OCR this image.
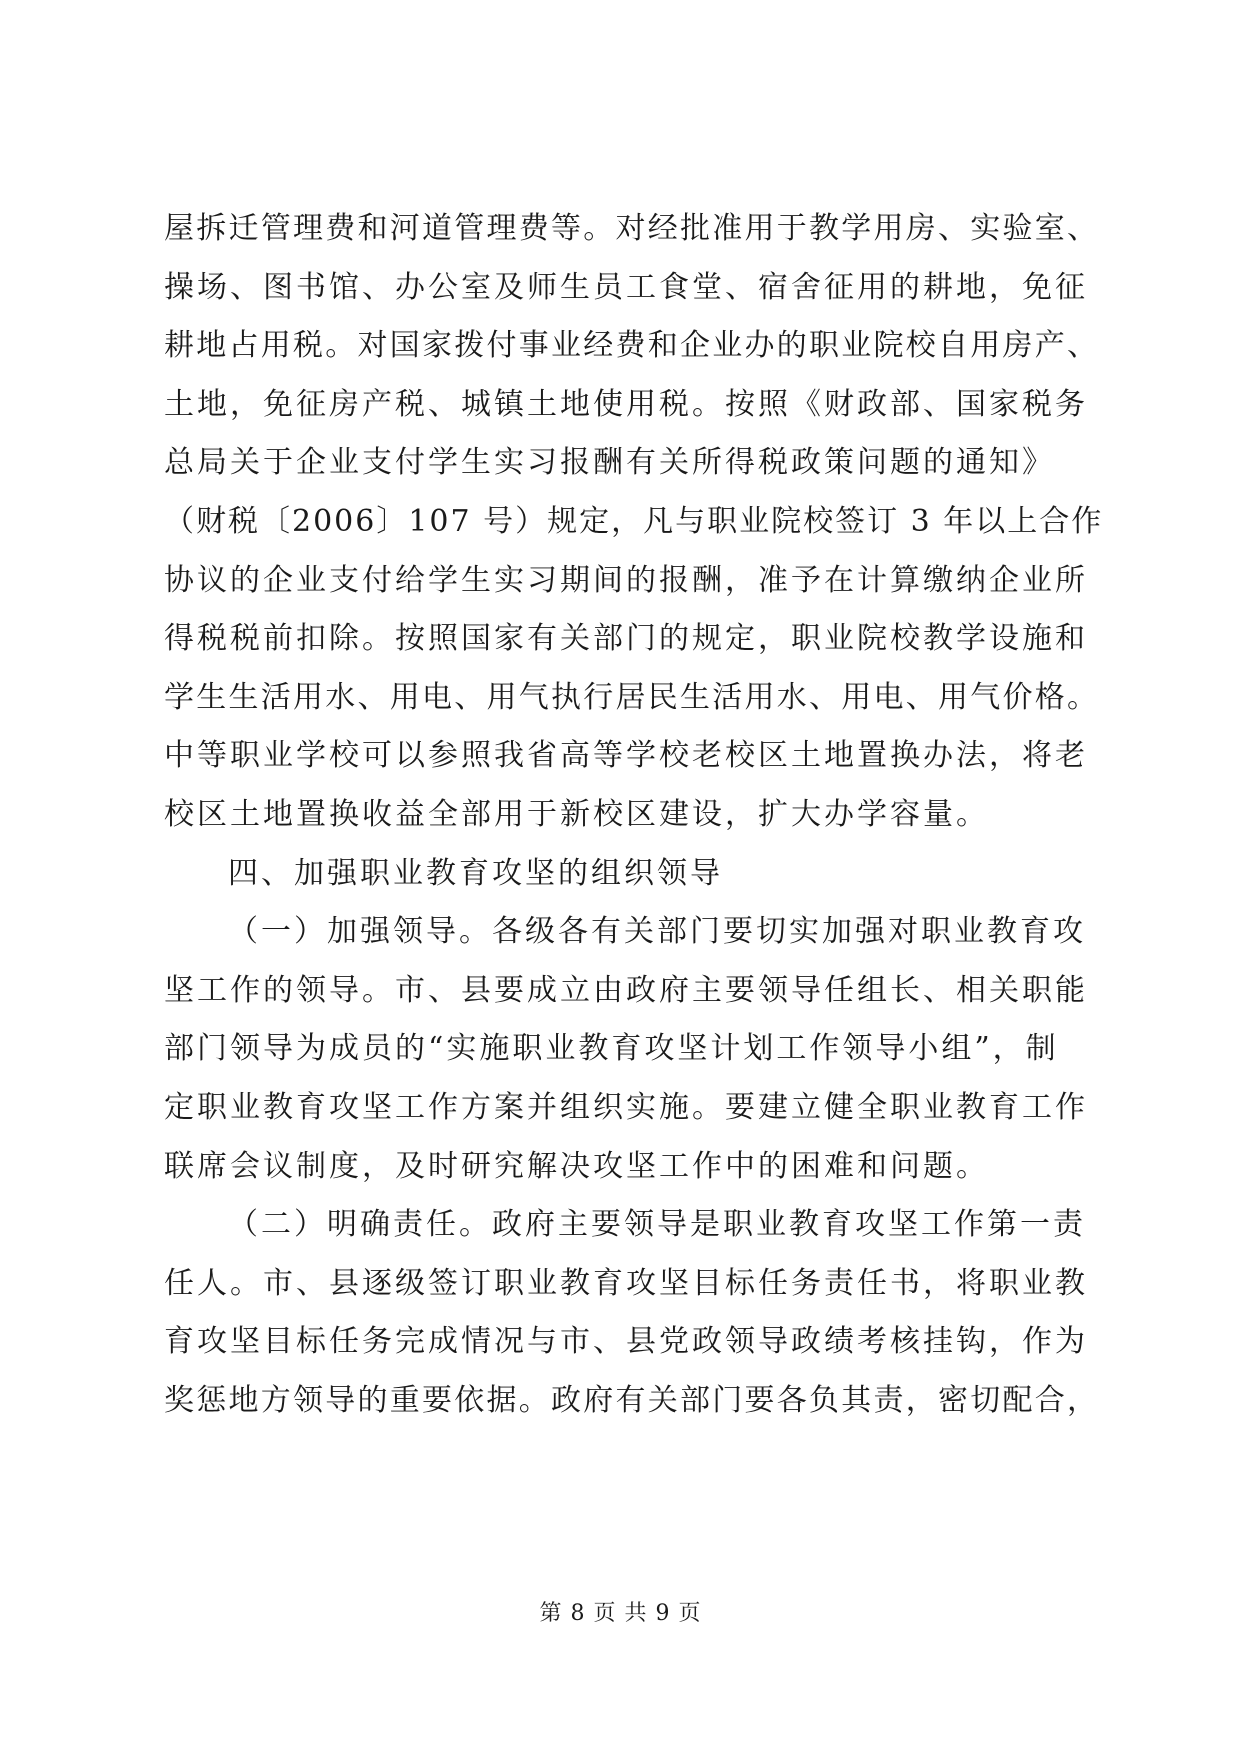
屋拆迁管理费和河道管理费等。对经批准用于教学用房、实验室、
操场、图书馆、办公室及师生员工食堂、宿舍征用的耕地，免征
耕地占用税。对国家拨付事业经费和企业办的职业院校自用房产、
土地，免征房产税、城镇土地使用税。按照《财政部、国家税务
总局关于企业支付学生实习报酬有关所得税政策问题的通知》
（财税〔2006〕107 号）规定，凡与职业院校签订 3 年以上合作
协议的企业支付给学生实习期间的报酬，准予在计算缴纳企业所
得税税前扣除。按照国家有关部门的规定，职业院校教学设施和
学生生活用水、用电、用气执行居民生活用水、用电、用气价格。
中等职业学校可以参照我省高等学校老校区土地置换办法，将老
校区土地置换收益全部用于新校区建设，扩大办学容量。
四、加强职业教育攻坚的组织领导
（一）加强领导。各级各有关部门要切实加强对职业教育攻
坚工作的领导。市、县要成立由政府主要领导任组长、相关职能
部门领导为成员的“实施职业教育攻坚计划工作领导小组”，制
定职业教育攻坚工作方案并组织实施。要建立健全职业教育工作
联席会议制度，及时研究解决攻坚工作中的困难和问题。
（二）明确责任。政府主要领导是职业教育攻坚工作第一责
任人。市、县逐级签订职业教育攻坚目标任务责任书，将职业教
育攻坚目标任务完成情况与市、县党政领导政绩考核挂钩，作为
奖惩地方领导的重要依据。政府有关部门要各负其责，密切配合，
第 8 页 共 9 页
